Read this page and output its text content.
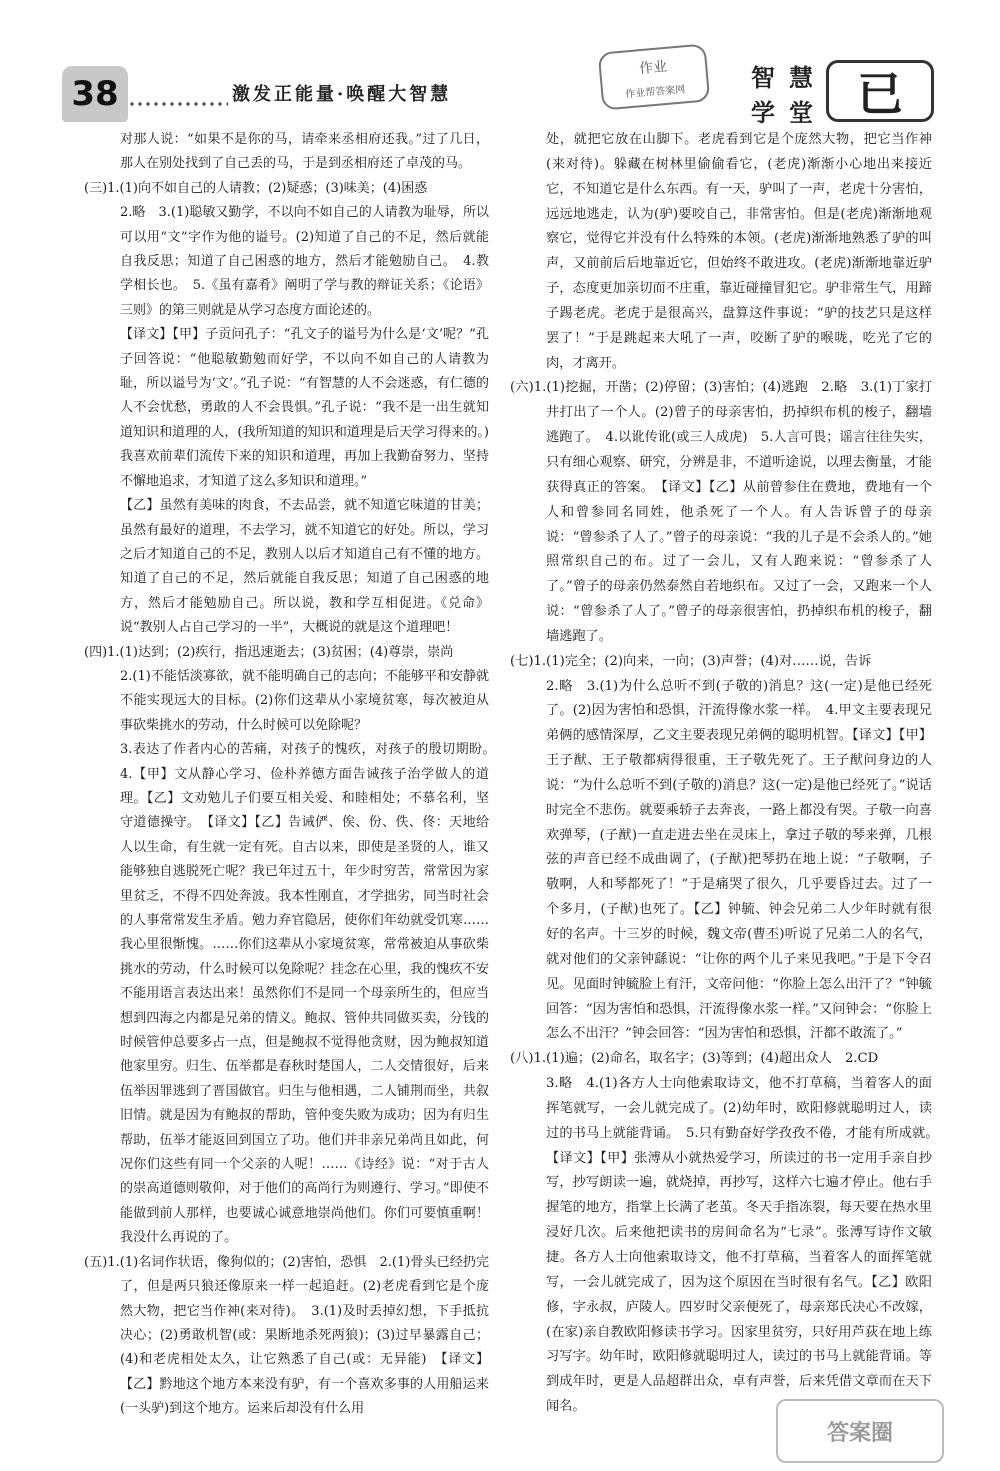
38	激发正能量·唤醒大智慧
作业
作业帮答案网	智 慧
学 堂 已

对那人说：“如果不是你的马，请牵来丞相府还我。”过了几日，那人在别处找到了自己丢的马，于是到丞相府还了卓茂的马。

(三)1.(1)向不如自己的人请教；(2)疑惑；(3)味美；(4)困惑

2.略　3.(1)聪敏又勤学，不以向不如自己的人请教为耻辱，所以可以用“文”字作为他的谥号。(2)知道了自己的不足，然后就能自我反思；知道了自己困惑的地方，然后才能勉励自己。　4.教学相长也。　5.《虽有嘉肴》阐明了学与教的辩证关系；《论语》三则》的第三则就是从学习态度方面论述的。

【译文】【甲】子贡问孔子：“孔文子的谥号为什么是‘文’呢？”孔子回答说：“他聪敏勤勉而好学，不以向不如自己的人请教为耻，所以谥号为‘文’。”孔子说：“有智慧的人不会迷惑，有仁德的人不会忧愁，勇敢的人不会畏惧。”孔子说：“我不是一出生就知道知识和道理的人，(我所知道的知识和道理是后天学习得来的。)我喜欢前辈们流传下来的知识和道理，再加上我勤奋努力、坚持不懈地追求，才知道了这么多知识和道理。”

【乙】虽然有美味的肉食，不去品尝，就不知道它味道的甘美；虽然有最好的道理，不去学习，就不知道它的好处。所以，学习之后才知道自己的不足，教别人以后才知道自己有不懂的地方。知道了自己的不足，然后就能自我反思；知道了自己困惑的地方，然后才能勉励自己。所以说，教和学互相促进。《兑命》说“教别人占自己学习的一半”，大概说的就是这个道理吧！

(四)1.(1)达到；(2)疾行，指迅速逝去；(3)贫困；(4)尊崇，崇尚

2.(1)不能恬淡寡欲，就不能明确自己的志向；不能够平和安静就不能实现远大的目标。(2)你们这辈从小家境贫寒，每次被迫从事砍柴挑水的劳动，什么时候可以免除呢？

3.表达了作者内心的苦痛，对孩子的愧疚，对孩子的殷切期盼。　4.【甲】文从静心学习、俭朴养德方面告诫孩子治学做人的道理。【乙】文劝勉儿子们要互相关爱、和睦相处；不慕名利，坚守道德操守。　【译文】【乙】告诫俨、俟、份、佚、佟：天地给人以生命，有生就一定有死。自古以来，即使是圣贤的人，谁又能够独自逃脱死亡呢？我已年过五十，年少时穷苦，常常因为家里贫乏，不得不四处奔波。我本性刚直，才学拙劣，同当时社会的人事常常发生矛盾。勉力弃官隐居，使你们年幼就受饥寒……我心里很惭愧。……你们这辈从小家境贫寒，常常被迫从事砍柴挑水的劳动，什么时候可以免除呢？挂念在心里，我的愧疚不安不能用语言表达出来！虽然你们不是同一个母亲所生的，但应当想到四海之内都是兄弟的情义。鲍叔、管仲共同做买卖，分钱的时候管仲总要多占一点，但是鲍叔不觉得他贪财，因为鲍叔知道他家里穷。归生、伍举都是春秋时楚国人，二人交情很好，后来伍举因罪逃到了晋国做官。归生与他相遇，二人铺荆而坐，共叙旧情。就是因为有鲍叔的帮助，管仲变失败为成功；因为有归生帮助，伍举才能返回到国立了功。他们并非亲兄弟尚且如此，何况你们这些有同一个父亲的人呢！……《诗经》说：“对于古人的崇高道德则敬仰，对于他们的高尚行为则遵行、学习。”即使不能做到前人那样，也要诚心诚意地崇尚他们。你们可要慎重啊！我没什么再说的了。

(五)1.(1)名词作状语，像狗似的；(2)害怕，恐惧　2.(1)骨头已经扔完了，但是两只狼还像原来一样一起追赶。(2)老虎看到它是个庞然大物，把它当作神(来对待)。　3.(1)及时丢掉幻想，下手抵抗决心；(2)勇敢机智(或：果断地杀死两狼)；(3)过早暴露自己；(4)和老虎相处太久，让它熟悉了自己(或：无异能)　【译文】【乙】黔地这个地方本来没有驴，有一个喜欢多事的人用船运来(一头驴)到这个地方。运来后却没有什么用

处，就把它放在山脚下。老虎看到它是个庞然大物，把它当作神(来对待)。躲藏在树林里偷偷看它，(老虎)渐渐小心地出来接近它，不知道它是什么东西。有一天，驴叫了一声，老虎十分害怕，远远地逃走，认为(驴)要咬自己，非常害怕。但是(老虎)渐渐地观察它，觉得它并没有什么特殊的本领。(老虎)渐渐地熟悉了驴的叫声，又前前后后地靠近它，但始终不敢进攻。(老虎)渐渐地靠近驴子，态度更加亲切而不庄重，靠近碰撞冒犯它。驴非常生气，用蹄子踢老虎。老虎于是很高兴，盘算这件事说：“驴的技艺只是这样罢了！”于是跳起来大吼了一声，咬断了驴的喉咙，吃光了它的肉，才离开。

(六)1.(1)挖掘，开凿；(2)停留；(3)害怕；(4)逃跑　2.略　3.(1)丁家打井打出了一个人。(2)曾子的母亲害怕，扔掉织布机的梭子，翻墙逃跑了。　4.以讹传讹(或三人成虎)　5.人言可畏；谣言往往失实，只有细心观察、研究，分辨是非，不道听途说，以理去衡量，才能获得真正的答案。　【译文】【乙】从前曾参住在费地，费地有一个人和曾参同名同姓，他杀死了一个人。有人告诉曾子的母亲说：“曾参杀了人了。”曾子的母亲说：“我的儿子是不会杀人的。”她照常织自己的布。过了一会儿，又有人跑来说：“曾参杀了人了。”曾子的母亲仍然泰然自若地织布。又过了一会，又跑来一个人说：“曾参杀了人了。”曾子的母亲很害怕，扔掉织布机的梭子，翻墙逃跑了。

(七)1.(1)完全；(2)向来，一向；(3)声誉；(4)对……说，告诉

2.略　3.(1)为什么总听不到(子敬的)消息？这(一定)是他已经死了。(2)因为害怕和恐惧，汗流得像水浆一样。　4.甲文主要表现兄弟俩的感情深厚，乙文主要表现兄弟俩的聪明机智。【译文】【甲】王子猷、王子敬都病得很重，王子敬先死了。王子猷问身边的人说：“为什么总听不到(子敬的)消息？这(一定)是他已经死了。”说话时完全不悲伤。就要乘轿子去奔丧，一路上都没有哭。子敬一向喜欢弹琴，(子猷)一直走进去坐在灵床上，拿过子敬的琴来弹，几根弦的声音已经不成曲调了，(子猷)把琴扔在地上说：“子敬啊，子敬啊，人和琴都死了！”于是痛哭了很久，几乎要昏过去。过了一个多月，(子猷)也死了。【乙】钟毓、钟会兄弟二人少年时就有很好的名声。十三岁的时候，魏文帝(曹丕)听说了兄弟二人的名气，就对他们的父亲钟繇说：“让你的两个儿子来见我吧。”于是下令召见。见面时钟毓脸上有汗，文帝问他：“你脸上怎么出汗了？”钟毓回答：“因为害怕和恐惧，汗流得像水浆一样。”又问钟会：“你脸上怎么不出汗？”钟会回答：“因为害怕和恐惧，汗都不敢流了。”

(八)1.(1)遍；(2)命名，取名字；(3)等到；(4)超出众人　2.CD

3.略　4.(1)各方人士向他索取诗文，他不打草稿，当着客人的面挥笔就写，一会儿就完成了。(2)幼年时，欧阳修就聪明过人，读过的书马上就能背诵。　5.只有勤奋好学孜孜不倦，才能有所成就。　【译文】【甲】张溥从小就热爱学习，所读过的书一定用手亲自抄写，抄写朗读一遍，就烧掉，再抄写，这样六七遍才停止。他右手握笔的地方，指掌上长满了老茧。冬天手指冻裂，每天要在热水里浸好几次。后来他把读书的房间命名为“七录”。张溥写诗作文敏捷。各方人士向他索取诗文，他不打草稿，当着客人的面挥笔就写，一会儿就完成了，因为这个原因在当时很有名气。【乙】欧阳修，字永叔，庐陵人。四岁时父亲便死了，母亲郑氏决心不改嫁，(在家)亲自教欧阳修读书学习。因家里贫穷，只好用芦荻在地上练习写字。幼年时，欧阳修就聪明过人，读过的书马上就能背诵。等到成年时，更是人品超群出众，卓有声誉，后来凭借文章而在天下闻名。

答案圈
